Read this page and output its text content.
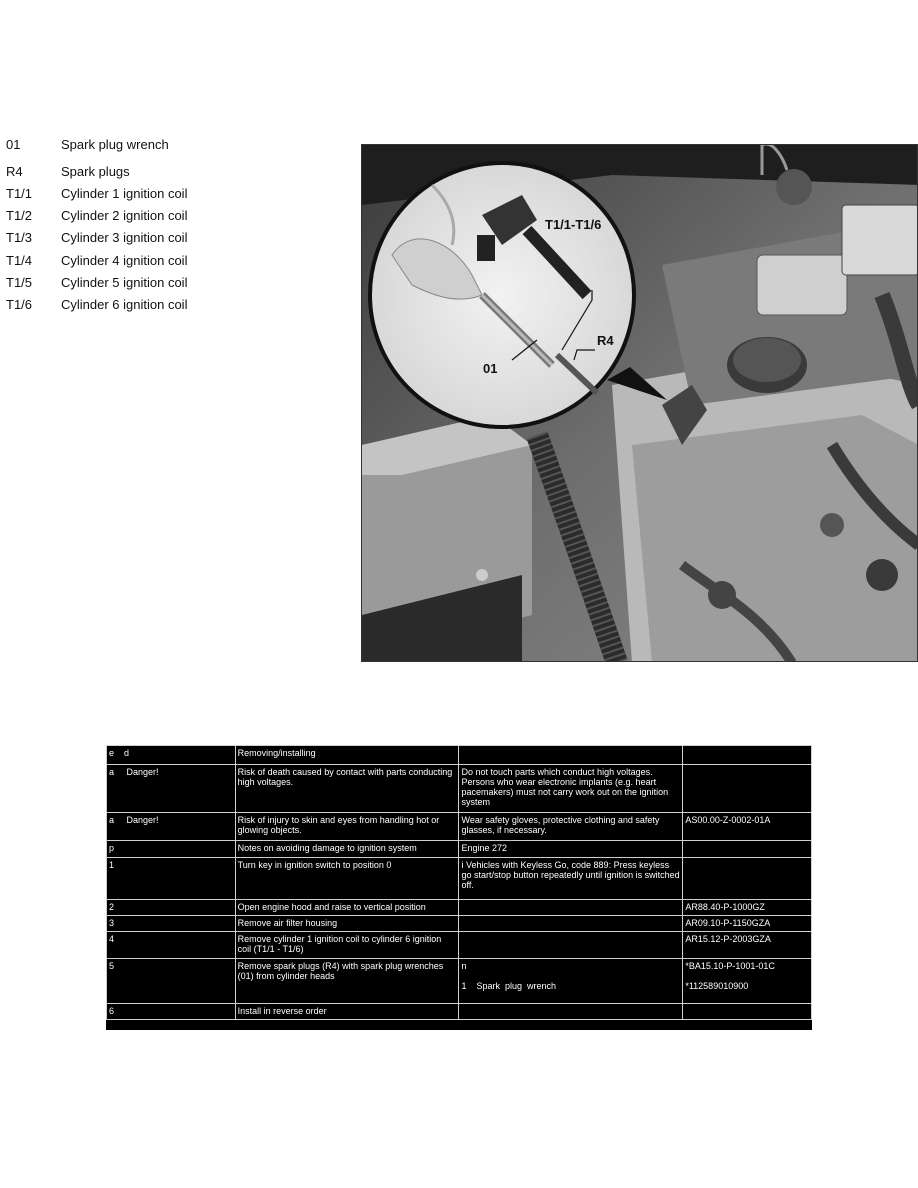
01	Spark plug wrench
R4	Spark plugs
T1/1	Cylinder 1 ignition coil
T1/2	Cylinder 2 ignition coil
T1/3	Cylinder 3 ignition coil
T1/4	Cylinder 4 ignition coil
T1/5	Cylinder 5 ignition coil
T1/6	Cylinder 6 ignition coil
T1/1-T1/6
R4
01
e    d	Removing/installing		
a     Danger!	Risk of death caused by contact with parts conducting high voltages.	Do not touch parts which conduct high voltages. Persons who wear electronic implants (e.g. heart pacemakers) must not carry work out on the ignition system	
a     Danger!	Risk of injury to skin and eyes from handling hot or glowing objects.	Wear safety gloves, protective clothing and safety glasses, if necessary.	AS00.00-Z-0002-01A
p	Notes on avoiding damage to ignition system	Engine 272	
1	Turn key in ignition switch to position 0	i Vehicles with Keyless Go, code 889: Press keyless go start/stop button repeatedly until ignition is switched off.	
2	Open engine hood and raise to vertical position		AR88.40-P-1000GZ
3	Remove air filter housing		AR09.10-P-1150GZA
4	Remove cylinder 1 ignition coil to cylinder 6 ignition coil (T1/1 - T1/6)		AR15.12-P-2003GZA
5	Remove spark plugs (R4) with spark plug wrenches (01) from cylinder heads	n

1    Spark  plug  wrench	*BA15.10-P-1001-01C

*112589010900
6	Install in reverse order		
